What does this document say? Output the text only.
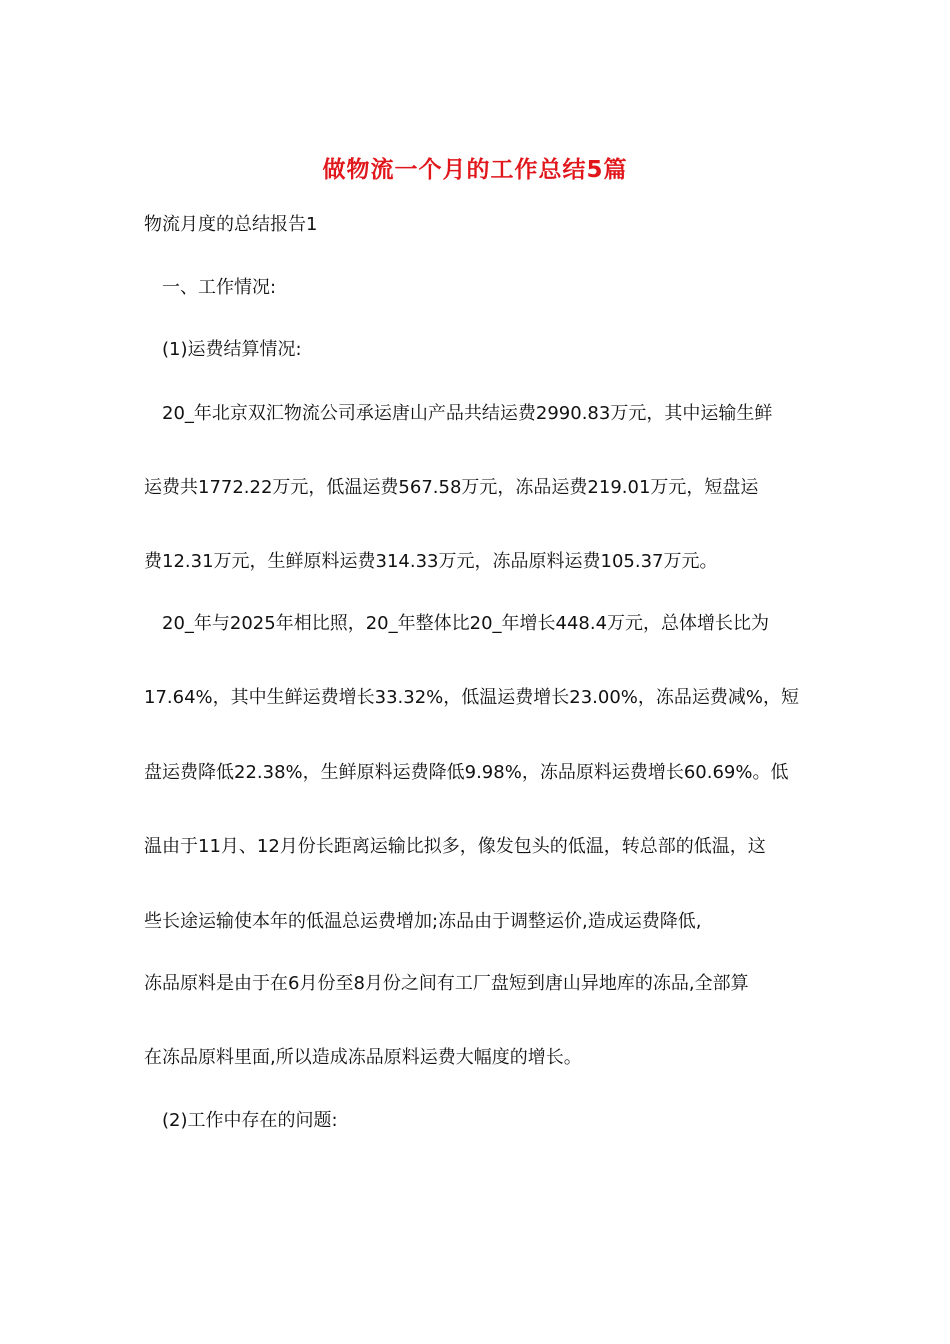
做物流一个月的工作总结5篇
物流月度的总结报告1
一、工作情况:
(1)运费结算情况:
20_年北京双汇物流公司承运唐山产品共结运费2990.83万元，其中运输生鲜
运费共1772.22万元，低温运费567.58万元，冻品运费219.01万元，短盘运
费12.31万元，生鲜原料运费314.33万元，冻品原料运费105.37万元。
20_年与2025年相比照，20_年整体比20_年增长448.4万元，总体增长比为
17.64%，其中生鲜运费增长33.32%，低温运费增长23.00%，冻品运费减%，短
盘运费降低22.38%，生鲜原料运费降低9.98%，冻品原料运费增长60.69%。低
温由于11月、12月份长距离运输比拟多，像发包头的低温，转总部的低温，这
些长途运输使本年的低温总运费增加;冻品由于调整运价,造成运费降低,
冻品原料是由于在6月份至8月份之间有工厂盘短到唐山异地库的冻品,全部算
在冻品原料里面,所以造成冻品原料运费大幅度的增长。
(2)工作中存在的问题:
